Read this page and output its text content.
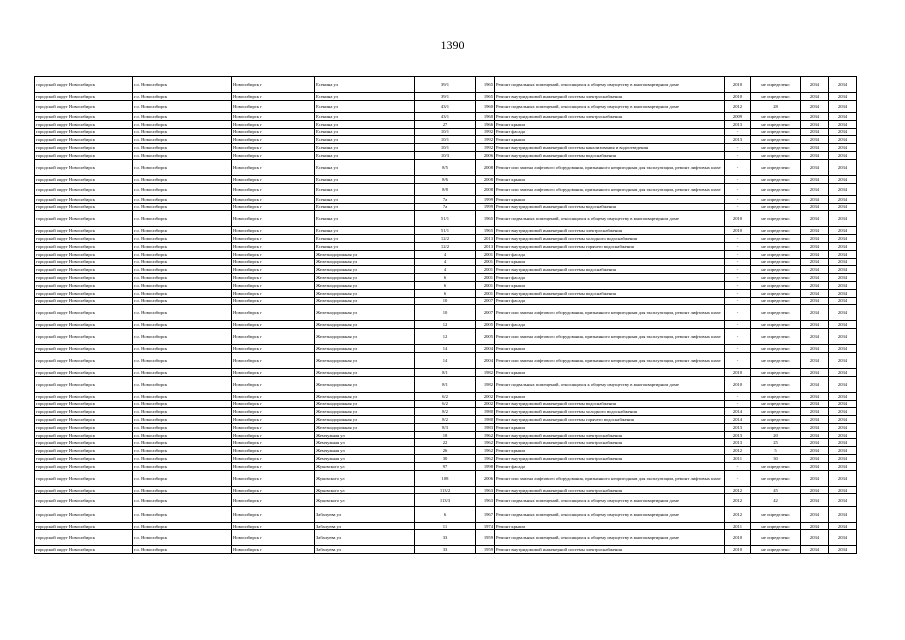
1390
городской округ Новосибирск	г.о. Новосибирск	Новосибирск г	Есенина ул	39/1	1965	Ремонт подвальных помещений, относящихся к общему имуществу в многоквартирном доме	2010	не определено	2034	2034
городской округ Новосибирск	г.о. Новосибирск	Новосибирск г	Есенина ул	39/1	1965	Ремонт внутридомовой инженерной системы электроснабжения	2010	не определено	2034	2034
городской округ Новосибирск	г.о. Новосибирск	Новосибирск г	Есенина ул	43/1	1960	Ремонт подвальных помещений, относящихся к общему имуществу в многоквартирном доме	2012	28	2034	2034
городской округ Новосибирск	г.о. Новосибирск	Новосибирск г	Есенина ул	43/1	1960	Ремонт внутридомовой инженерной системы электроснабжения	2009	не определено	2034	2034
городской округ Новосибирск	г.о. Новосибирск	Новосибирск г	Есенина ул	27	1966	Ремонт крыши	2013	не определено	2034	2034
городской округ Новосибирск	г.о. Новосибирск	Новосибирск г	Есенина ул	10/1	1992	Ремонт фасада	-	не определено	2034	2034
городской округ Новосибирск	г.о. Новосибирск	Новосибирск г	Есенина ул	10/1	1992	Ремонт крыши	2013	не определено	2034	2034
городской округ Новосибирск	г.о. Новосибирск	Новосибирск г	Есенина ул	10/1	1992	Ремонт внутридомовой инженерной системы канализования и водоотведения	-	не определено	2034	2034
городской округ Новосибирск	г.о. Новосибирск	Новосибирск г	Есенина ул	10/3	2006	Ремонт внутридомовой инженерной системы водоснабжения	-	не определено	2034	2034
городской округ Новосибирск	г.о. Новосибирск	Новосибирск г	Есенина ул	8/5	2008	Ремонт или замена лифтового оборудования, признанного непригодным для эксплуатации, ремонт лифтовых шахт	-	не определено	2034	2034
городской округ Новосибирск	г.о. Новосибирск	Новосибирск г	Есенина ул	8/6	2008	Ремонт крыши	-	не определено	2034	2034
городской округ Новосибирск	г.о. Новосибирск	Новосибирск г	Есенина ул	8/8	2008	Ремонт или замена лифтового оборудования, признанного непригодным для эксплуатации, ремонт лифтовых шахт	-	не определено	2034	2034
городской округ Новосибирск	г.о. Новосибирск	Новосибирск г	Есенина ул	7а	1999	Ремонт крыши	-	не определено	2034	2034
городской округ Новосибирск	г.о. Новосибирск	Новосибирск г	Есенина ул	7а	1999	Ремонт внутридомовой инженерной системы водоснабжения	-	не определено	2034	2034
городской округ Новосибирск	г.о. Новосибирск	Новосибирск г	Есенина ул	51/1	1965	Ремонт подвальных помещений, относящихся к общему имуществу в многоквартирном доме	2010	не определено	2034	2034
городской округ Новосибирск	г.о. Новосибирск	Новосибирск г	Есенина ул	51/1	1965	Ремонт внутридомовой инженерной системы электроснабжения	2010	не определено	2034	2034
городской округ Новосибирск	г.о. Новосибирск	Новосибирск г	Есенина ул	12/2	2013	Ремонт внутридомовой инженерной системы холодного водоснабжения	-	не определено	2034	2034
городской округ Новосибирск	г.о. Новосибирск	Новосибирск г	Есенина ул	12/2	2013	Ремонт внутридомовой инженерной системы горячего водоснабжения	-	не определено	2034	2034
городской округ Новосибирск	г.о. Новосибирск	Новосибирск г	Железнодорожная ул	4	2001	Ремонт фасада	-	не определено	2034	2034
городской округ Новосибирск	г.о. Новосибирск	Новосибирск г	Железнодорожная ул	4	2001	Ремонт крыши	-	не определено	2034	2034
городской округ Новосибирск	г.о. Новосибирск	Новосибирск г	Железнодорожная ул	4	2001	Ремонт внутридомовой инженерной системы водоснабжения	-	не определено	2034	2034
городской округ Новосибирск	г.о. Новосибирск	Новосибирск г	Железнодорожная ул	6	2001	Ремонт фасада	-	не определено	2034	2034
городской округ Новосибирск	г.о. Новосибирск	Новосибирск г	Железнодорожная ул	6	2001	Ремонт крыши	-	не определено	2034	2034
городской округ Новосибирск	г.о. Новосибирск	Новосибирск г	Железнодорожная ул	6	2001	Ремонт внутридомовой инженерной системы водоснабжения	-	не определено	2034	2034
городской округ Новосибирск	г.о. Новосибирск	Новосибирск г	Железнодорожная ул	10	2007	Ремонт фасада	-	не определено	2034	2034
городской округ Новосибирск	г.о. Новосибирск	Новосибирск г	Железнодорожная ул	10	2007	Ремонт или замена лифтового оборудования, признанного непригодным для эксплуатации, ремонт лифтовых шахт	-	не определено	2034	2034
городской округ Новосибирск	г.о. Новосибирск	Новосибирск г	Железнодорожная ул	12	2005	Ремонт фасада	-	не определено	2034	2034
городской округ Новосибирск	г.о. Новосибирск	Новосибирск г	Железнодорожная ул	12	2005	Ремонт или замена лифтового оборудования, признанного непригодным для эксплуатации, ремонт лифтовых шахт	-	не определено	2034	2034
городской округ Новосибирск	г.о. Новосибирск	Новосибирск г	Железнодорожная ул	14	2004	Ремонт крыши	-	не определено	2034	2034
городской округ Новосибирск	г.о. Новосибирск	Новосибирск г	Железнодорожная ул	14	2004	Ремонт или замена лифтового оборудования, признанного непригодным для эксплуатации, ремонт лифтовых шахт	-	не определено	2034	2034
городской округ Новосибирск	г.о. Новосибирск	Новосибирск г	Железнодорожная ул	8/1	1982	Ремонт крыши	2010	не определено	2034	2034
городской округ Новосибирск	г.о. Новосибирск	Новосибирск г	Железнодорожная ул	8/1	1982	Ремонт подвальных помещений, относящихся к общему имуществу в многоквартирном доме	2010	не определено	2034	2034
городской округ Новосибирск	г.о. Новосибирск	Новосибирск г	Железнодорожная ул	6/2	2002	Ремонт крыши	-	не определено	2034	2034
городской округ Новосибирск	г.о. Новосибирск	Новосибирск г	Железнодорожная ул	6/2	2002	Ремонт внутридомовой инженерной системы водоснабжения	-	не определено	2034	2034
городской округ Новосибирск	г.о. Новосибирск	Новосибирск г	Железнодорожная ул	8/2	1980	Ремонт внутридомовой инженерной системы холодного водоснабжения	2014	не определено	2034	2034
городской округ Новосибирск	г.о. Новосибирск	Новосибирск г	Железнодорожная ул	8/2	1980	Ремонт внутридомовой инженерной системы горячего водоснабжения	2014	не определено	2034	2034
городской округ Новосибирск	г.о. Новосибирск	Новосибирск г	Железнодорожная ул	8/3	1983	Ремонт крыши	2013	не определено	2034	2034
городской округ Новосибирск	г.о. Новосибирск	Новосибирск г	Жемчужная ул	18	1962	Ремонт внутридомовой инженерной системы электроснабжения	2013	20	2034	2034
городской округ Новосибирск	г.о. Новосибирск	Новосибирск г	Жемчужная ул	22	1962	Ремонт внутридомовой инженерной системы электроснабжения	2013	25	2034	2034
городской округ Новосибирск	г.о. Новосибирск	Новосибирск г	Жемчужная ул	26	1962	Ремонт крыши	2012	5	2034	2034
городской округ Новосибирск	г.о. Новосибирск	Новосибирск г	Жемчужная ул	30	1962	Ремонт внутридомовой инженерной системы электроснабжения	2011	30	2034	2034
городской округ Новосибирск	г.о. Новосибирск	Новосибирск г	Жуковского ул	97	1998	Ремонт фасада	-	не определено	2034	2034
городской округ Новосибирск	г.о. Новосибирск	Новосибирск г	Жуковского ул	108	2006	Ремонт или замена лифтового оборудования, признанного непригодным для эксплуатации, ремонт лифтовых шахт	-	не определено	2034	2034
городской округ Новосибирск	г.о. Новосибирск	Новосибирск г	Жуковского ул	113/2	1963	Ремонт внутридомовой инженерной системы электроснабжения	2012	45	2034	2034
городской округ Новосибирск	г.о. Новосибирск	Новосибирск г	Жуковского ул	113/3	1963	Ремонт подвальных помещений, относящихся к общему имуществу в многоквартирном доме	2012	42	2034	2034
городской округ Новосибирск	г.о. Новосибирск	Новосибирск г	Забалуева ул	6	1967	Ремонт подвальных помещений, относящихся к общему имуществу в многоквартирном доме	2012	не определено	2034	2034
городской округ Новосибирск	г.о. Новосибирск	Новосибирск г	Забалуева ул	11	1974	Ремонт крыши	2011	не определено	2034	2034
городской округ Новосибирск	г.о. Новосибирск	Новосибирск г	Забалуева ул	33	1959	Ремонт подвальных помещений, относящихся к общему имуществу в многоквартирном доме	2010	не определено	2034	2034
городской округ Новосибирск	г.о. Новосибирск	Новосибирск г	Забалуева ул	33	1959	Ремонт внутридомовой инженерной системы электроснабжения	2010	не определено	2034	2034
